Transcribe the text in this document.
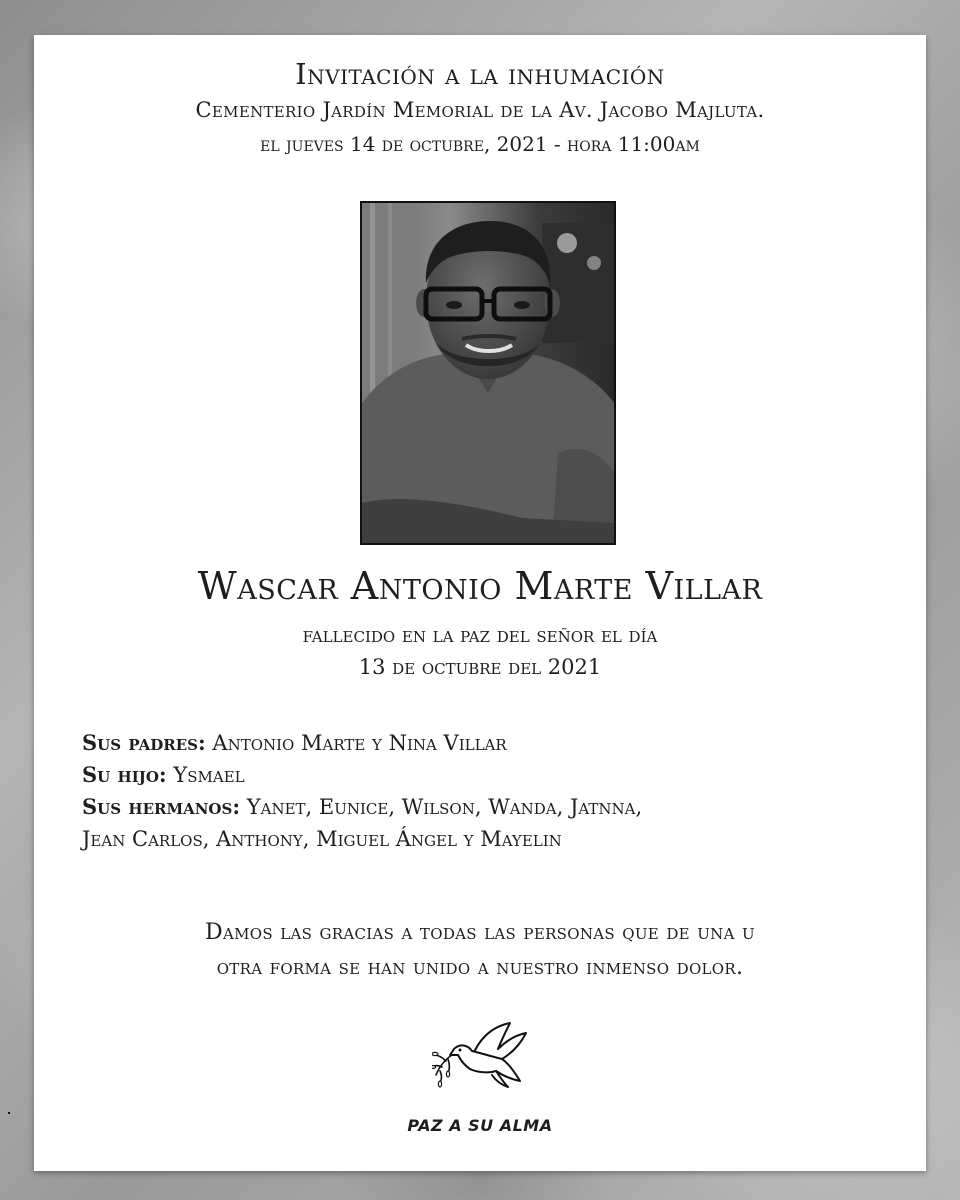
Invitación a la inhumación
Cementerio Jardín Memorial de la Av. Jacobo Majluta.
el jueves 14 de octubre, 2021 - hora 11:00am
Wascar Antonio Marte Villar
fallecido en la paz del señor el día
13 de octubre del 2021
Sus padres: Antonio Marte y Nina Villar
Su hijo: Ysmael
Sus hermanos: Yanet, Eunice, Wilson, Wanda, Jatnna,
Jean Carlos, Anthony, Miguel Ángel y Mayelin
Damos las gracias a todas las personas que de una u
otra forma se han unido a nuestro inmenso dolor.
PAZ A SU ALMA
